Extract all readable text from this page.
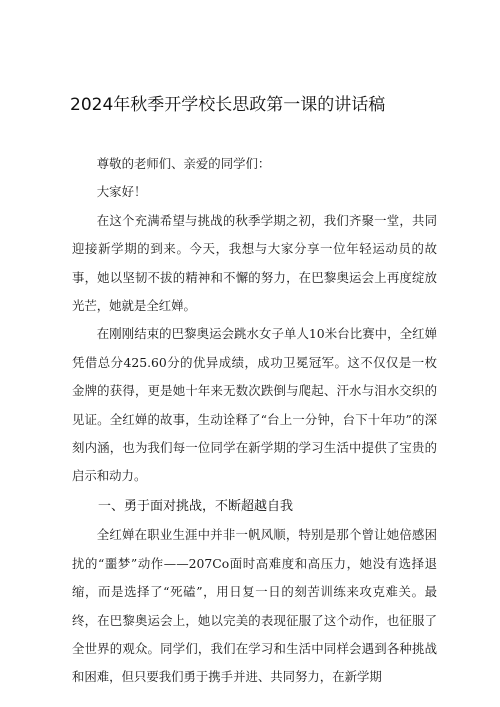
2024年秋季开学校长思政第一课的讲话稿

尊敬的老师们、亲爱的同学们：

大家好！

在这个充满希望与挑战的秋季学期之初，我们齐聚一堂，共同迎接新学期的到来。今天，我想与大家分享一位年轻运动员的故事，她以坚韧不拔的精神和不懈的努力，在巴黎奥运会上再度绽放光芒，她就是全红婵。

在刚刚结束的巴黎奥运会跳水女子单人10米台比赛中，全红婵凭借总分425.60分的优异成绩，成功卫冕冠军。这不仅仅是一枚金牌的获得，更是她十年来无数次跌倒与爬起、汗水与泪水交织的见证。全红婵的故事，生动诠释了“台上一分钟，台下十年功”的深刻内涵，也为我们每一位同学在新学期的学习生活中提供了宝贵的启示和动力。

一、勇于面对挑战，不断超越自我

全红婵在职业生涯中并非一帆风顺，特别是那个曾让她倍感困扰的“噩梦”动作——207Co面时高难度和高压力，她没有选择退缩，而是选择了“死磕”，用日复一日的刻苦训练来攻克难关。最终，在巴黎奥运会上，她以完美的表现征服了这个动作，也征服了全世界的观众。同学们，我们在学习和生活中同样会遇到各种挑战和困难，但只要我们勇于携手并进、共同努力，在新学期
